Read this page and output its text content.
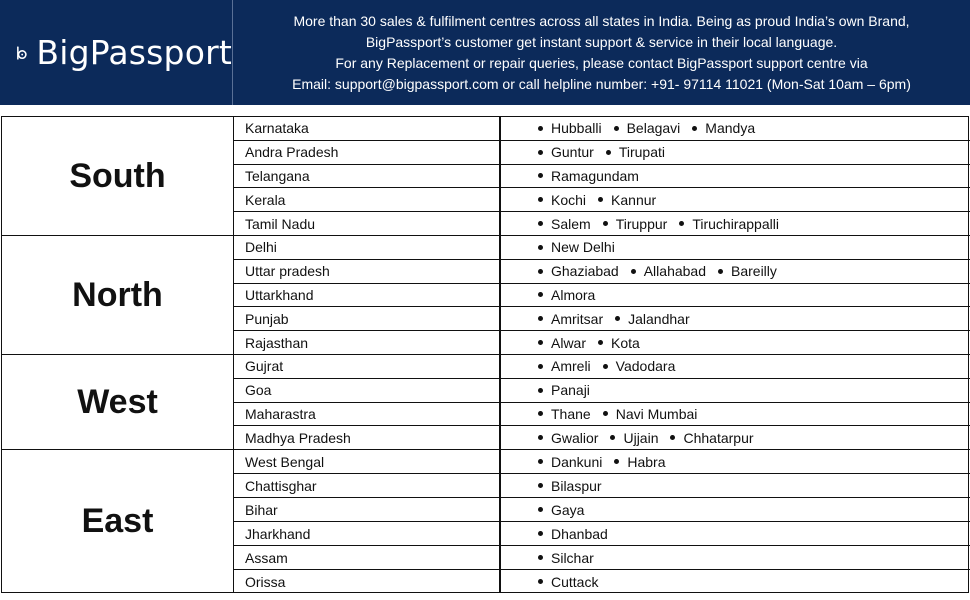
BigPassport
More than 30 sales & fulfilment centres across all states in India. Being as proud India’s own Brand,
BigPassport’s customer get instant support & service in their local language.
For any Replacement or repair queries, please contact BigPassport support centre via
Email: support@bigpassport.com or call helpline number: +91- 97114 11021 (Mon-Sat 10am – 6pm)
South
Karnataka	Hubballi Belagavi Mandya
Andra Pradesh	Guntur Tirupati
Telangana	Ramagundam
Kerala	Kochi Kannur
Tamil Nadu	Salem Tiruppur Tiruchirappalli
North
Delhi	New Delhi
Uttar pradesh	Ghaziabad Allahabad Bareilly
Uttarkhand	Almora
Punjab	Amritsar Jalandhar
Rajasthan	Alwar Kota
West
Gujrat	Amreli Vadodara
Goa	Panaji
Maharastra	Thane Navi Mumbai
Madhya Pradesh	Gwalior Ujjain Chhatarpur
East
West Bengal	Dankuni Habra
Chattisghar	Bilaspur
Bihar	Gaya
Jharkhand	Dhanbad
Assam	Silchar
Orissa	Cuttack
